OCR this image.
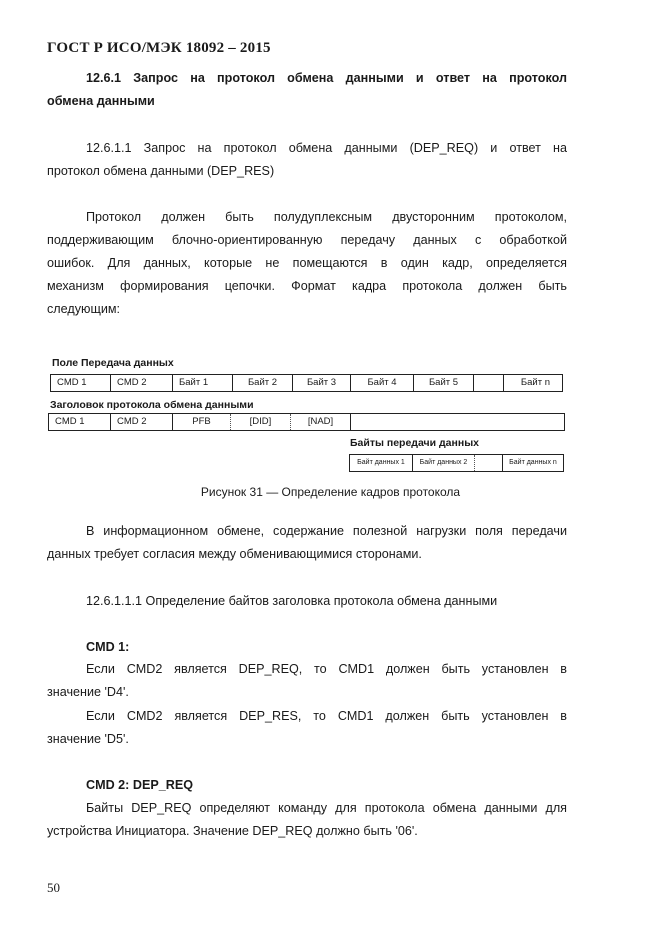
ГОСТ Р ИСО/МЭК 18092 – 2015
12.6.1 Запрос на протокол обмена данными и ответ на протокол
обмена данными
12.6.1.1 Запрос на протокол обмена данными (DEP_REQ) и ответ на
протокол обмена данными (DEP_RES)
Протокол должен быть полудуплексным двусторонним протоколом,
поддерживающим блочно-ориентированную передачу данных с обработкой
ошибок. Для данных, которые не помещаются в один кадр, определяется
механизм формирования цепочки. Формат кадра протокола должен быть
следующим:
Поле Передача данных
CMD 1	CMD 2	Байт 1	Байт 2	Байт 3	Байт 4	Байт 5	Байт n
Заголовок протокола обмена данными
CMD 1	CMD 2	PFB	[DID]	[NAD]
Байты передачи данных
Байт данных 1	Байт данных 2	Байт данных n
Рисунок 31 — Определение кадров протокола
В информационном обмене, содержание полезной нагрузки поля передачи
данных требует согласия между обменивающимися сторонами.
12.6.1.1.1 Определение байтов заголовка протокола обмена данными
CMD 1:
Если CMD2 является DEP_REQ, то CMD1 должен быть установлен в
значение 'D4'.
Если CMD2 является DEP_RES, то CMD1 должен быть установлен в
значение 'D5'.
CMD 2: DEP_REQ
Байты DEP_REQ определяют команду для протокола обмена данными для
устройства Инициатора. Значение DEP_REQ должно быть '06'.
50
